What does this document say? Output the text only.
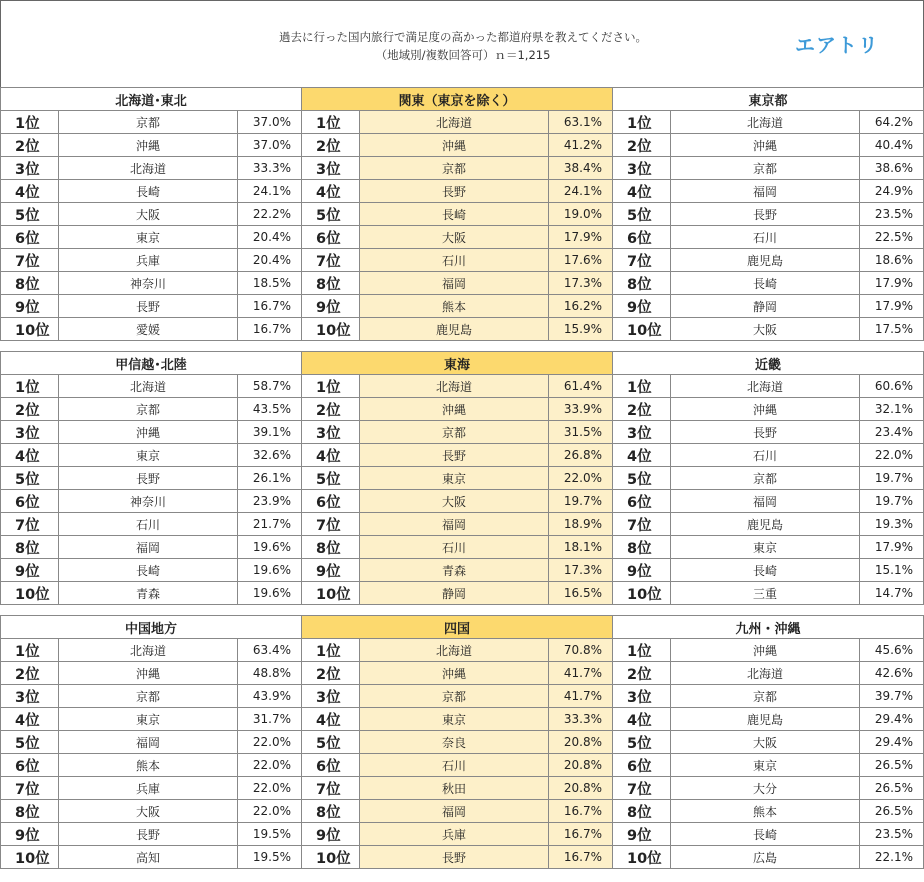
過去に行った国内旅行で満足度の高かった都道府県を教えてください。
（地域別/複数回答可）ｎ＝1,215	エアトリ
北海道･東北		
1位	京都	37.0%
2位	沖縄	37.0%
3位	北海道	33.3%
4位	長崎	24.1%
5位	大阪	22.2%
6位	東京	20.4%
7位	兵庫	20.4%
8位	神奈川	18.5%
9位	長野	16.7%
10位	愛媛	16.7%
関東（東京を除く）		
1位	北海道	63.1%
2位	沖縄	41.2%
3位	京都	38.4%
4位	長野	24.1%
5位	長崎	19.0%
6位	大阪	17.9%
7位	石川	17.6%
8位	福岡	17.3%
9位	熊本	16.2%
10位	鹿児島	15.9%
東京都		
1位	北海道	64.2%
2位	沖縄	40.4%
3位	京都	38.6%
4位	福岡	24.9%
5位	長野	23.5%
6位	石川	22.5%
7位	鹿児島	18.6%
8位	長崎	17.9%
9位	静岡	17.9%
10位	大阪	17.5%
甲信越･北陸		
1位	北海道	58.7%
2位	京都	43.5%
3位	沖縄	39.1%
4位	東京	32.6%
5位	長野	26.1%
6位	神奈川	23.9%
7位	石川	21.7%
8位	福岡	19.6%
9位	長崎	19.6%
10位	青森	19.6%
東海		
1位	北海道	61.4%
2位	沖縄	33.9%
3位	京都	31.5%
4位	長野	26.8%
5位	東京	22.0%
6位	大阪	19.7%
7位	福岡	18.9%
8位	石川	18.1%
9位	青森	17.3%
10位	静岡	16.5%
近畿		
1位	北海道	60.6%
2位	沖縄	32.1%
3位	長野	23.4%
4位	石川	22.0%
5位	京都	19.7%
6位	福岡	19.7%
7位	鹿児島	19.3%
8位	東京	17.9%
9位	長崎	15.1%
10位	三重	14.7%
中国地方		
1位	北海道	63.4%
2位	沖縄	48.8%
3位	京都	43.9%
4位	東京	31.7%
5位	福岡	22.0%
6位	熊本	22.0%
7位	兵庫	22.0%
8位	大阪	22.0%
9位	長野	19.5%
10位	高知	19.5%
四国		
1位	北海道	70.8%
2位	沖縄	41.7%
3位	京都	41.7%
4位	東京	33.3%
5位	奈良	20.8%
6位	石川	20.8%
7位	秋田	20.8%
8位	福岡	16.7%
9位	兵庫	16.7%
10位	長野	16.7%
九州・沖縄		
1位	沖縄	45.6%
2位	北海道	42.6%
3位	京都	39.7%
4位	鹿児島	29.4%
5位	大阪	29.4%
6位	東京	26.5%
7位	大分	26.5%
8位	熊本	26.5%
9位	長崎	23.5%
10位	広島	22.1%
